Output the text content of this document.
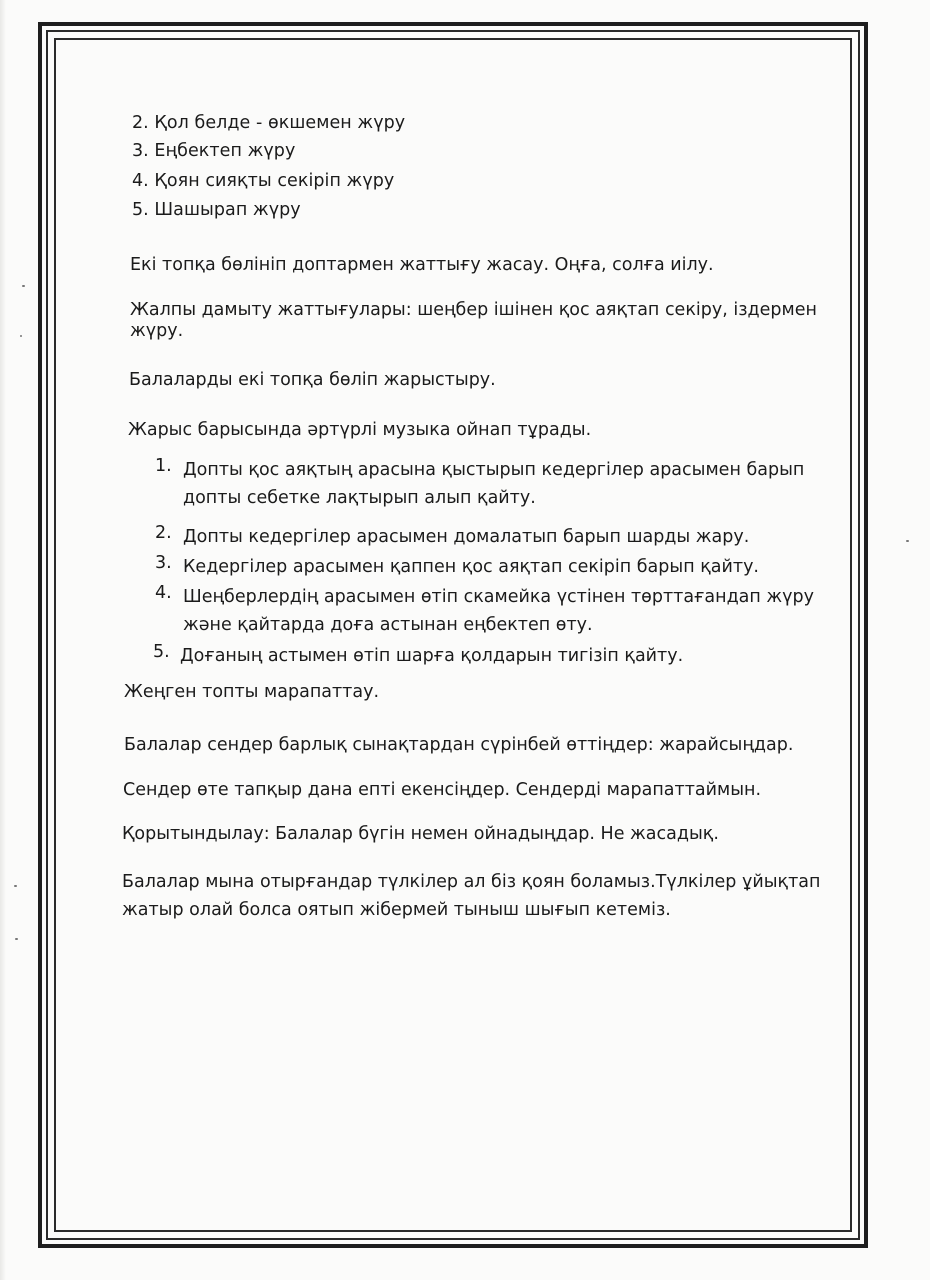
2. Қол белде - өкшемен жүру
3. Еңбектеп жүру
4. Қоян сияқты секіріп жүру
5. Шашырап жүру
Екі топқа бөлініп доптармен жаттығу жасау. Оңға, солға иілу.
Жалпы дамыту жаттығулары: шеңбер ішінен қос аяқтап секіру, іздермен
жүру.
Балаларды екі топқа бөліп жарыстыру.
Жарыс барысында әртүрлі музыка ойнап тұрады.
1. Допты қос аяқтың арасына қыстырып кедергілер арасымен барып
допты себетке лақтырып алып қайту.
2. Допты кедергілер арасымен домалатып барып шарды жару.
3. Кедергілер арасымен қаппен қос аяқтап секіріп барып қайту.
4. Шеңберлердің арасымен өтіп скамейка үстінен төрттағандап жүру
және қайтарда доға астынан еңбектеп өту.
5. Доғаның астымен өтіп шарға қолдарын тигізіп қайту.
Жеңген топты марапаттау.
Балалар сендер барлық сынақтардан сүрінбей өттіңдер: жарайсыңдар.
Сендер өте тапқыр дана епті екенсіңдер. Сендерді марапаттаймын.
Қорытындылау: Балалар бүгін немен ойнадыңдар. Не жасадық.
Балалар мына отырғандар түлкілер ал біз қоян боламыз.Түлкілер ұйықтап
жатыр олай болса оятып жібермей тыныш шығып кетеміз.
